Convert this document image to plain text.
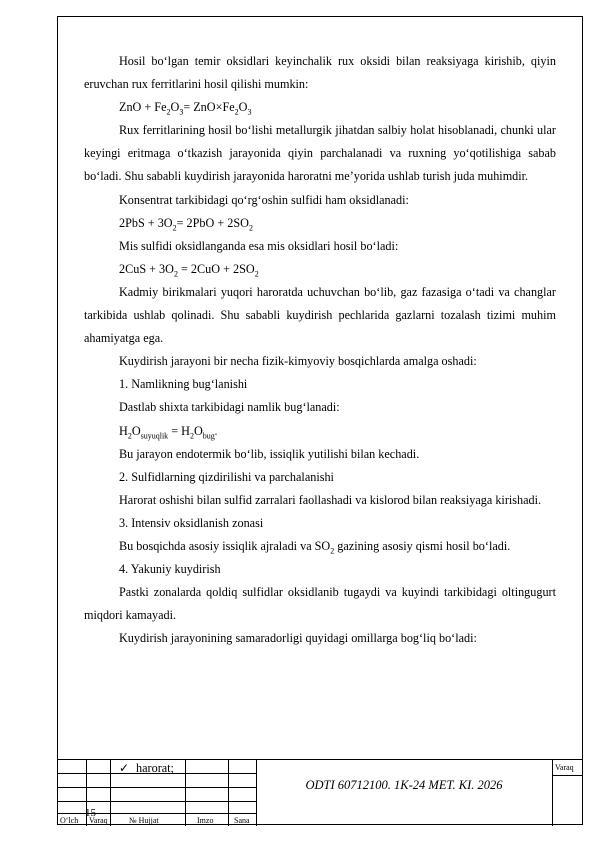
Hosil bo‘lgan temir oksidlari keyinchalik rux oksidi bilan reaksiyaga kirishib, qiyin eruvchan rux ferritlarini hosil qilishi mumkin:

ZnO + $Fe_2O_3= ZnO\times Fe_2O_3$

Rux ferritlarining hosil bo‘lishi metallurgik jihatdan salbiy holat hisoblanadi, chunki ular keyingi eritmaga o‘tkazish jarayonida qiyin parchalanadi va ruxning yo‘qotilishiga sabab bo‘ladi. Shu sababli kuydirish jarayonida haroratni me’yorida ushlab turish juda muhimdir.

Konsentrat tarkibidagi qo‘rg‘oshin sulfidi ham oksidlanadi:

$2PbS + 3O_2= 2PbO + 2SO_2$

Mis sulfidi oksidlanganda esa mis oksidlari hosil bo‘ladi:

$2CuS + 3O_2 = 2CuO + 2SO_2$

Kadmiy birikmalari yuqori haroratda uchuvchan bo‘lib, gaz fazasiga o‘tadi va changlar tarkibida ushlab qolinadi. Shu sababli kuydirish pechlarida gazlarni tozalash tizimi muhim ahamiyatga ega.

Kuydirish jarayoni bir necha fizik-kimyoviy bosqichlarda amalga oshadi:

1. Namlikning bug‘lanishi

Dastlab shixta tarkibidagi namlik bug‘lanadi:

$H_2O_{suyuqlik} = H_2O_{bug‘}$

Bu jarayon endotermik bo‘lib, issiqlik yutilishi bilan kechadi.

2. Sulfidlarning qizdirilishi va parchalanishi

Harorat oshishi bilan sulfid zarralari faollashadi va kislorod bilan reaksiyaga kirishadi.

3. Intensiv oksidlanish zonasi

Bu bosqichda asosiy issiqlik ajraladi va $SO_2$ gazining asosiy qismi hosil bo‘ladi.

4. Yakuniy kuydirish

Pastki zonalarda qoldiq sulfidlar oksidlanib tugaydi va kuyindi tarkibidagi oltingugurt miqdori kamayadi.

Kuydirish jarayonining samaradorligi quyidagi omillarga bog‘liq bo‘ladi:

✓ harorat;
15
O‘lch Varaq	№ Hujjat	Imzo	Sana
ODTI 60712100. 1K-24 MET. KI. 2026
Varaq
